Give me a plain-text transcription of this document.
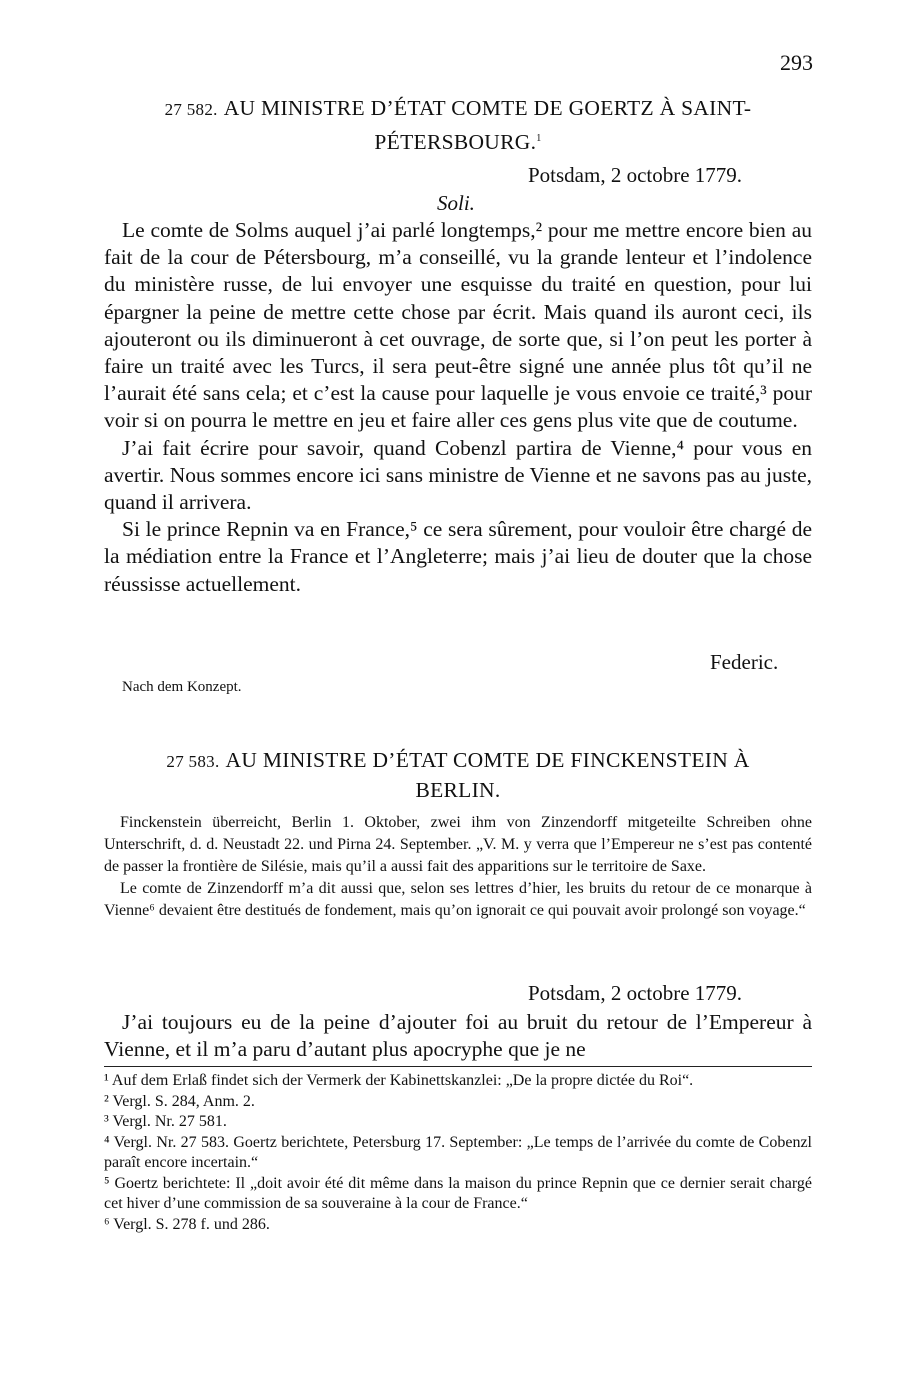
293
27 582. AU MINISTRE D’ÉTAT COMTE DE GOERTZ À SAINT-
PÉTERSBOURG.$^1$
Potsdam, 2 octobre 1779.
Soli.

Le comte de Solms auquel j’ai parlé longtemps,² pour me mettre encore bien au fait de la cour de Pétersbourg, m’a conseillé, vu la grande lenteur et l’indolence du ministère russe, de lui envoyer une esquisse du traité en question, pour lui épargner la peine de mettre cette chose par écrit. Mais quand ils auront ceci, ils ajouteront ou ils diminueront à cet ouvrage, de sorte que, si l’on peut les porter à faire un traité avec les Turcs, il sera peut-être signé une année plus tôt qu’il ne l’aurait été sans cela; et c’est la cause pour laquelle je vous envoie ce traité,³ pour voir si on pourra le mettre en jeu et faire aller ces gens plus vite que de coutume.

J’ai fait écrire pour savoir, quand Cobenzl partira de Vienne,⁴ pour vous en avertir. Nous sommes encore ici sans ministre de Vienne et ne savons pas au juste, quand il arrivera.

Si le prince Repnin va en France,⁵ ce sera sûrement, pour vouloir être chargé de la médiation entre la France et l’Angleterre; mais j’ai lieu de douter que la chose réussisse actuellement.

Federic.
Nach dem Konzept.
27 583. AU MINISTRE D’ÉTAT COMTE DE FINCKENSTEIN À
BERLIN.

Finckenstein überreicht, Berlin 1. Oktober, zwei ihm von Zinzendorff mitgeteilte Schreiben ohne Unterschrift, d. d. Neustadt 22. und Pirna 24. September. „V. M. y verra que l’Empereur ne s’est pas contenté de passer la frontière de Silésie, mais qu’il a aussi fait des apparitions sur le territoire de Saxe.

Le comte de Zinzendorff m’a dit aussi que, selon ses lettres d’hier, les bruits du retour de ce monarque à Vienne⁶ devaient être destitués de fondement, mais qu’on ignorait ce qui pouvait avoir prolongé son voyage.“

Potsdam, 2 octobre 1779.

J’ai toujours eu de la peine d’ajouter foi au bruit du retour de l’Empereur à Vienne, et il m’a paru d’autant plus apocryphe que je ne

¹ Auf dem Erlaß findet sich der Vermerk der Kabinettskanzlei: „De la propre dictée du Roi“.

² Vergl. S. 284, Anm. 2.

³ Vergl. Nr. 27 581.

⁴ Vergl. Nr. 27 583. Goertz berichtete, Petersburg 17. September: „Le temps de l’arrivée du comte de Cobenzl paraît encore incertain.“

⁵ Goertz berichtete: Il „doit avoir été dit même dans la maison du prince Repnin que ce dernier serait chargé cet hiver d’une commission de sa souveraine à la cour de France.“

⁶ Vergl. S. 278 f. und 286.
